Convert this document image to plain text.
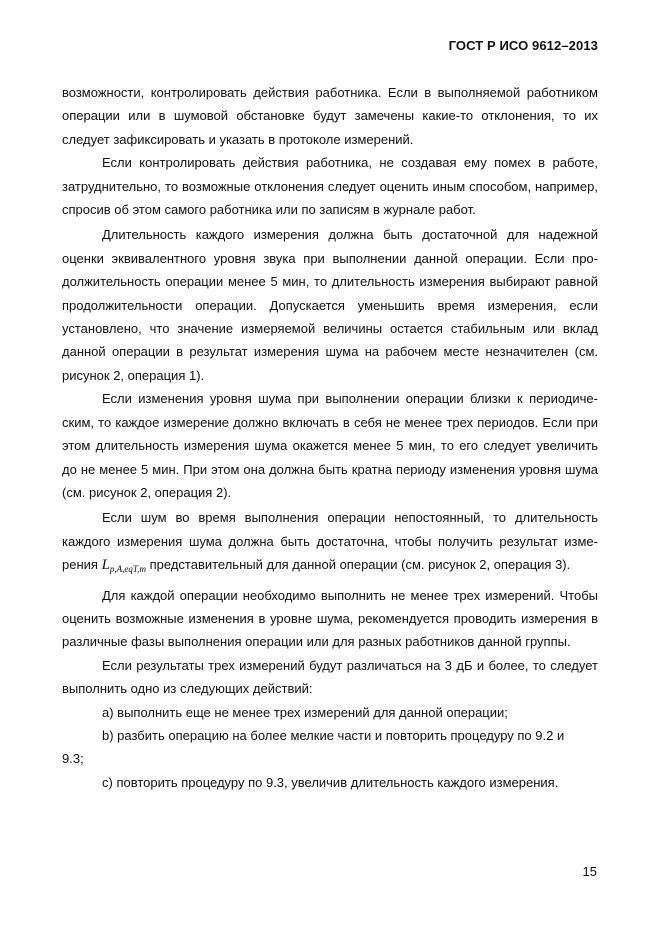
ГОСТ Р ИСО 9612–2013

возможности, контролировать действия работника. Если в выполняемой работником операции или в шумовой обстановке будут замечены какие-то отклонения, то их следует зафиксировать и указать в протоколе измерений.

Если контролировать действия работника, не создавая ему помех в работе, затруднительно, то возможные отклонения следует оценить иным способом, например, спросив об этом самого работника или по записям в журнале работ.

Длительность каждого измерения должна быть достаточной для надежной оценки эквивалентного уровня звука при выполнении данной операции. Если продолжительность операции менее 5 мин, то длительность измерения выбирают равной продолжительности операции. Допускается уменьшить время измерения, если установлено, что значение измеряемой величины остается стабильным или вклад данной операции в результат измерения шума на рабочем месте незначителен (см. рисунок 2, операция 1).

Если изменения уровня шума при выполнении операции близки к периодическим, то каждое измерение должно включать в себя не менее трех периодов. Если при этом длительность измерения шума окажется менее 5 мин, то его следует увеличить до не менее 5 мин. При этом она должна быть кратна периоду изменения уровня шума (см. рисунок 2, операция 2).

Если шум во время выполнения операции непостоянный, то длительность каждого измерения шума должна быть достаточна, чтобы получить результат измерения $L_{p,A,eqT,m}$ представительный для данной операции (см. рисунок 2, операция 3).

Для каждой операции необходимо выполнить не менее трех измерений. Чтобы оценить возможные изменения в уровне шума, рекомендуется проводить измерения в различные фазы выполнения операции или для разных работников данной группы.

Если результаты трех измерений будут различаться на 3 дБ и более, то следует выполнить одно из следующих действий:

а) выполнить еще не менее трех измерений для данной операции;

b) разбить операцию на более мелкие части и повторить процедуру по 9.2 и

9.3;

с) повторить процедуру по 9.3, увеличив длительность каждого измерения.

15
